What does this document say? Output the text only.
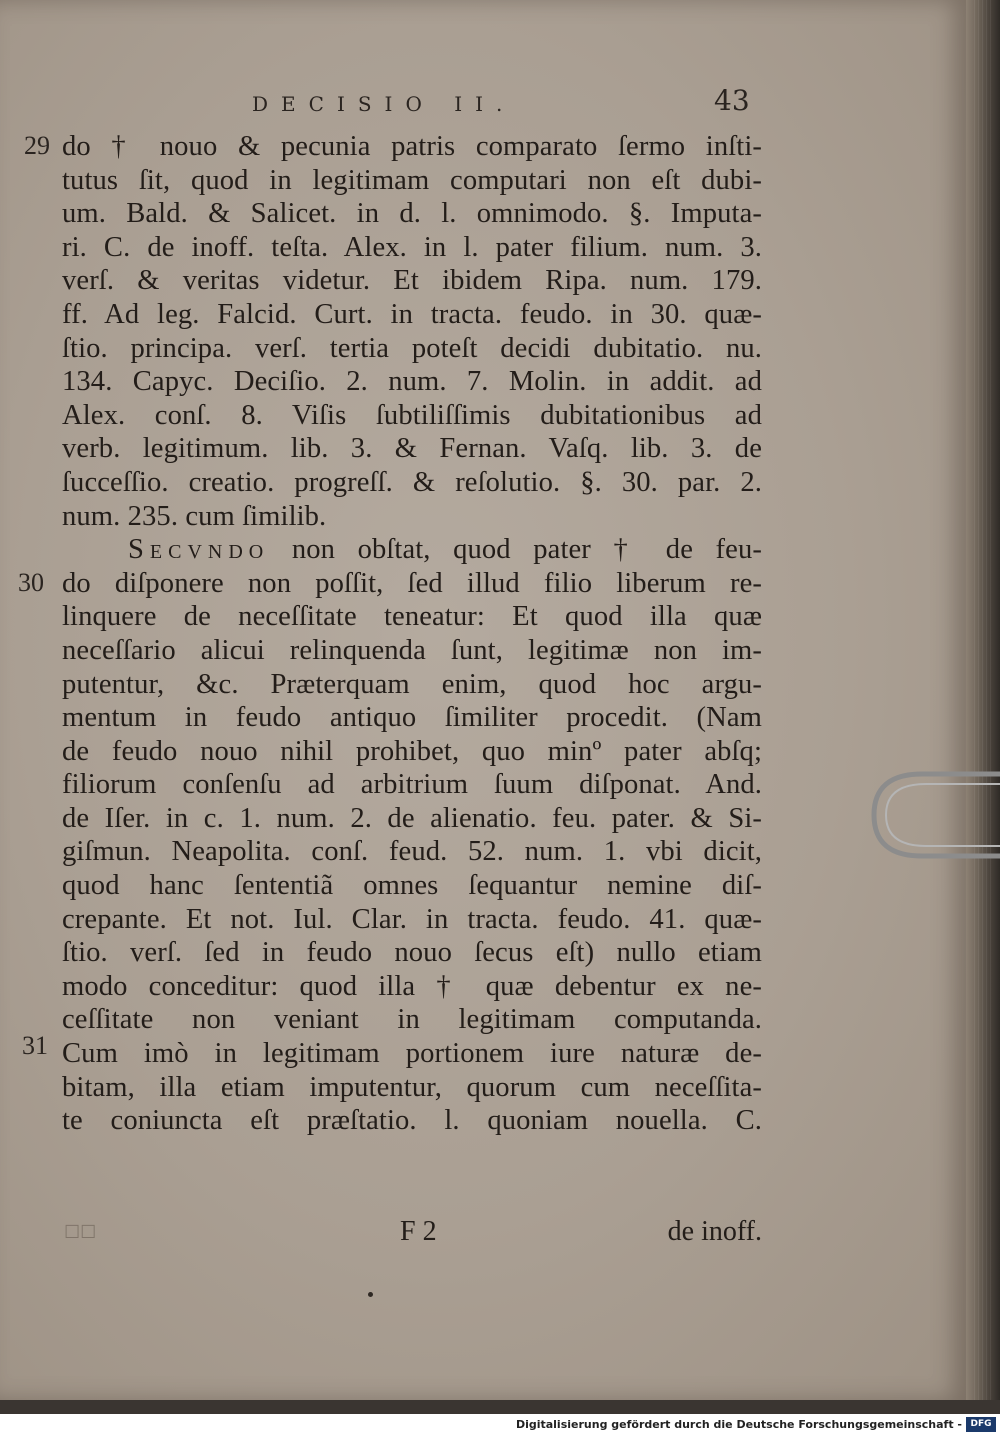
DECISIO II.	43
29
30
31
do † nouo & pecunia patris comparato ſermo inſti-
tutus ſit, quod in legitimam computari non eſt dubi-
um. Bald. & Salicet. in d. l. omnimodo. §. Imputa-
ri. C. de inoff. teſta. Alex. in l. pater filium. num. 3.
verſ. & veritas videtur. Et ibidem Ripa. num. 179.
ff. Ad leg. Falcid. Curt. in tracta. feudo. in 30. quæ-
ſtio. principa. verſ. tertia poteſt decidi dubitatio. nu.
134. Capyc. Deciſio. 2. num. 7. Molin. in addit. ad
Alex. conſ. 8. Viſis ſubtiliſſimis dubitationibus ad
verb. legitimum. lib. 3. & Fernan. Vaſq. lib. 3. de
ſucceſſio. creatio. progreſſ. & reſolutio. §. 30. par. 2.
num. 235. cum ſimilib.
Secvndo non obſtat, quod pater † de feu-
do diſponere non poſſit, ſed illud filio liberum re-
linquere de neceſſitate teneatur: Et quod illa quæ
neceſſario alicui relinquenda ſunt, legitimæ non im-
putentur, &c. Præterquam enim, quod hoc argu-
mentum in feudo antiquo ſimiliter procedit. (Nam
de feudo nouo nihil prohibet, quo minº pater abſq;
filiorum conſenſu ad arbitrium ſuum diſponat. And.
de Iſer. in c. 1. num. 2. de alienatio. feu. pater. & Si-
giſmun. Neapolita. conſ. feud. 52. num. 1. vbi dicit,
quod hanc ſententiã omnes ſequantur nemine diſ-
crepante. Et not. Iul. Clar. in tracta. feudo. 41. quæ-
ſtio. verſ. ſed in feudo nouo ſecus eſt) nullo etiam
modo conceditur: quod illa † quæ debentur ex ne-
ceſſitate non veniant in legitimam computanda.
Cum imò in legitimam portionem iure naturæ de-
bitam, illa etiam imputentur, quorum cum neceſſita-
te coniuncta eſt præſtatio. l. quoniam nouella. C.
☐☐	F 2	de inoff.
Digitalisierung gefördert durch die Deutsche Forschungsgemeinschaft - DFG
